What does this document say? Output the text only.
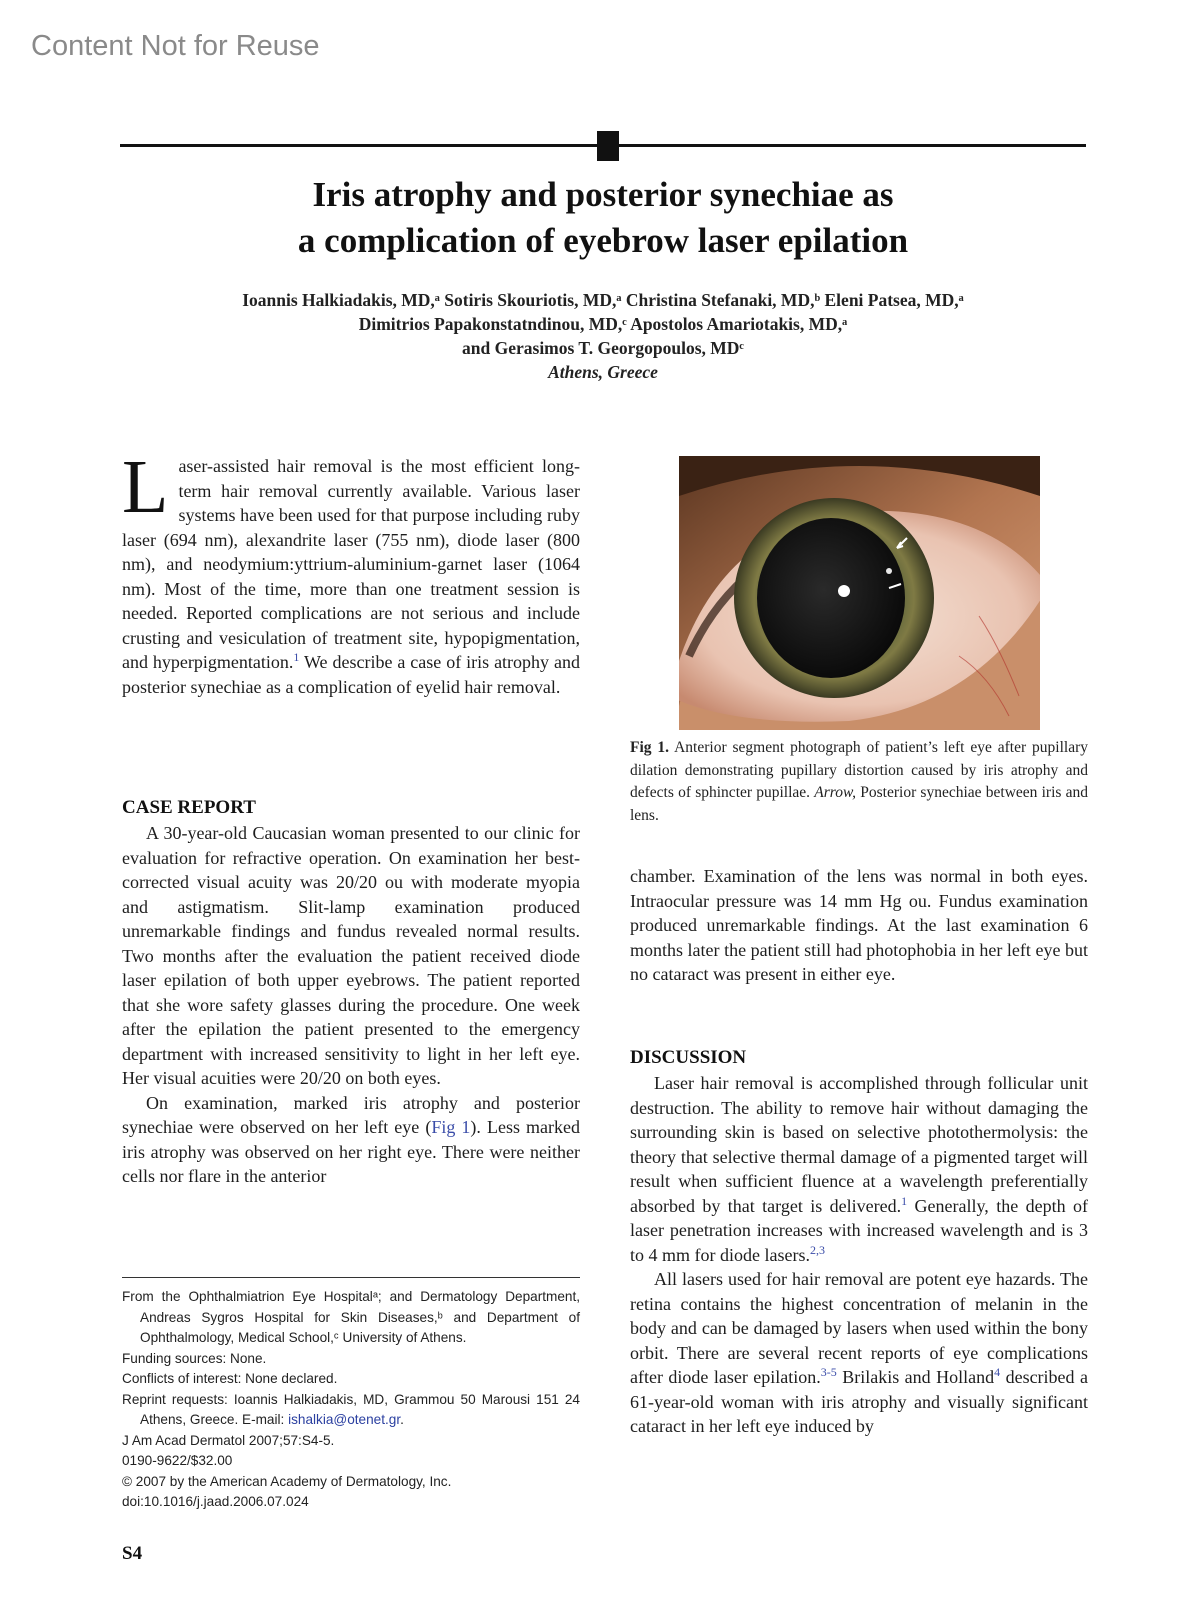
Content Not for Reuse
Iris atrophy and posterior synechiae as
a complication of eyebrow laser epilation
Ioannis Halkiadakis, MD,ᵃ Sotiris Skouriotis, MD,ᵃ Christina Stefanaki, MD,ᵇ Eleni Patsea, MD,ᵃ
Dimitrios Papakonstatndinou, MD,ᶜ Apostolos Amariotakis, MD,ᵃ
and Gerasimos T. Georgopoulos, MDᶜ
Athens, Greece

Laser-assisted hair removal is the most efficient long-term hair removal currently available. Various laser systems have been used for that purpose including ruby laser (694 nm), alexandrite laser (755 nm), diode laser (800 nm), and neodymium:yttrium-aluminium-garnet laser (1064 nm). Most of the time, more than one treatment session is needed. Reported complications are not serious and include crusting and vesiculation of treatment site, hypopigmentation, and hyperpigmentation.$^1$ We describe a case of iris atrophy and posterior synechiae as a complication of eyelid hair removal.

CASE REPORT

A 30-year-old Caucasian woman presented to our clinic for evaluation for refractive operation. On examination her best-corrected visual acuity was 20/20 ou with moderate myopia and astigmatism. Slit-lamp examination produced unremarkable findings and fundus revealed normal results. Two months after the evaluation the patient received diode laser epilation of both upper eyebrows. The patient reported that she wore safety glasses during the procedure. One week after the epilation the patient presented to the emergency department with increased sensitivity to light in her left eye. Her visual acuities were 20/20 on both eyes.

On examination, marked iris atrophy and posterior synechiae were observed on her left eye (Fig 1). Less marked iris atrophy was observed on her right eye. There were neither cells nor flare in the anterior

Fig 1. Anterior segment photograph of patient’s left eye after pupillary dilation demonstrating pupillary distortion caused by iris atrophy and defects of sphincter pupillae. Arrow, Posterior synechiae between iris and lens.

chamber. Examination of the lens was normal in both eyes. Intraocular pressure was 14 mm Hg ou. Fundus examination produced unremarkable findings. At the last examination 6 months later the patient still had photophobia in her left eye but no cataract was present in either eye.

DISCUSSION

Laser hair removal is accomplished through follicular unit destruction. The ability to remove hair without damaging the surrounding skin is based on selective photothermolysis: the theory that selective thermal damage of a pigmented target will result when sufficient fluence at a wavelength preferentially absorbed by that target is delivered.$^1$ Generally, the depth of laser penetration increases with increased wavelength and is 3 to 4 mm for diode lasers.$^{2,3}$

All lasers used for hair removal are potent eye hazards. The retina contains the highest concentration of melanin in the body and can be damaged by lasers when used within the bony orbit. There are several recent reports of eye complications after diode laser epilation.$^{3-5}$ Brilakis and Holland$^4$ described a 61-year-old woman with iris atrophy and visually significant cataract in her left eye induced by

From the Ophthalmiatrion Eye Hospitalᵃ; and Dermatology Department, Andreas Sygros Hospital for Skin Diseases,ᵇ and Department of Ophthalmology, Medical School,ᶜ University of Athens.

Funding sources: None.

Conflicts of interest: None declared.

Reprint requests: Ioannis Halkiadakis, MD, Grammou 50 Marousi 151 24 Athens, Greece. E-mail: ishalkia@otenet.gr.

J Am Acad Dermatol 2007;57:S4-5.

0190-9622/$32.00

© 2007 by the American Academy of Dermatology, Inc.

doi:10.1016/j.jaad.2006.07.024

S4
